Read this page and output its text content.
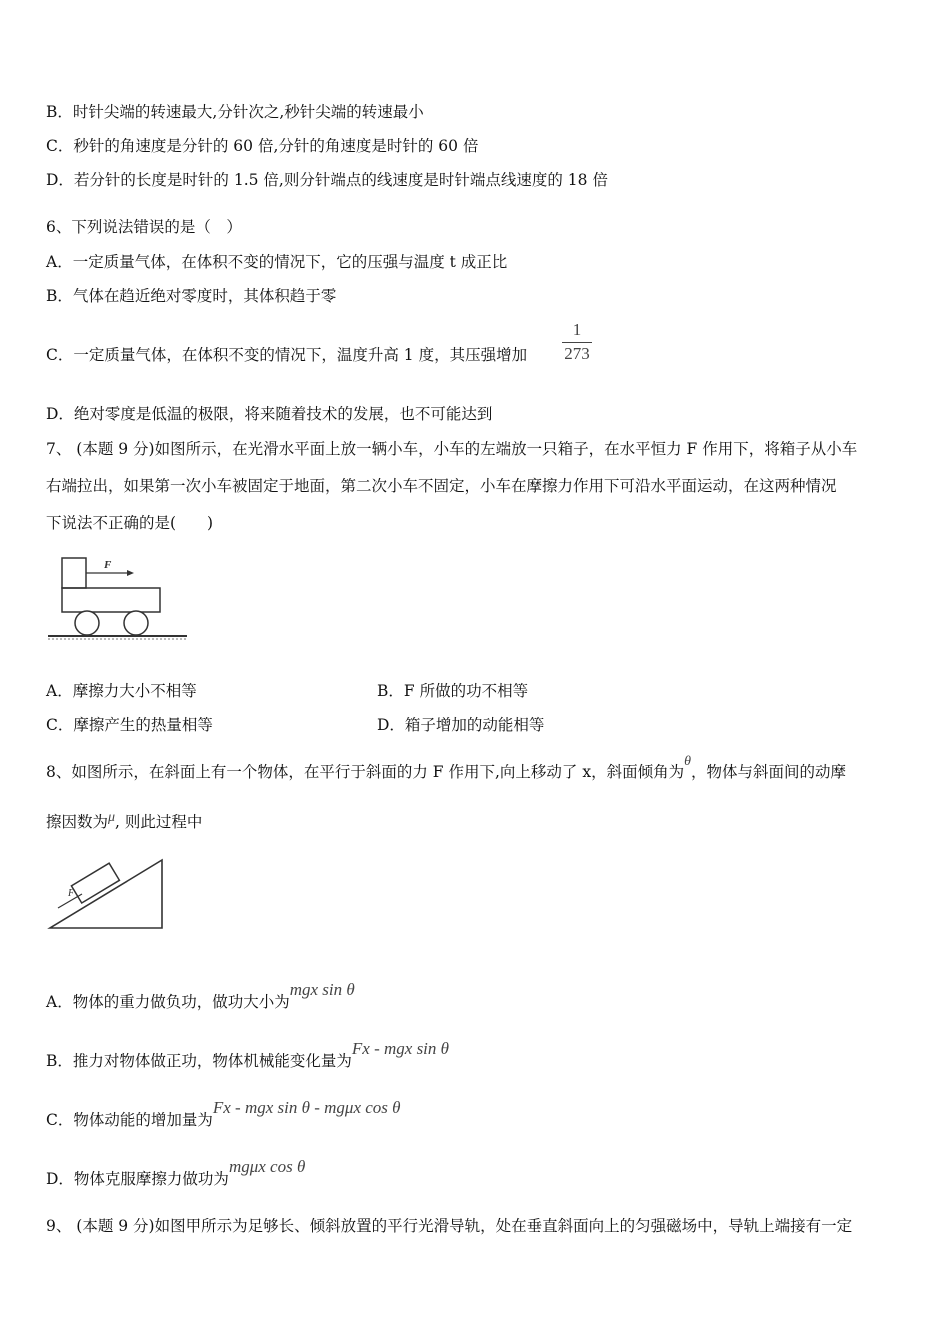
B．时针尖端的转速最大,分针次之,秒针尖端的转速最小
C．秒针的角速度是分针的 60 倍,分针的角速度是时针的 60 倍
D．若分针的长度是时针的 1.5 倍,则分针端点的线速度是时针端点线速度的 18 倍
6、下列说法错误的是（　）
A．一定质量气体，在体积不变的情况下，它的压强与温度 t 成正比
B．气体在趋近绝对零度时，其体积趋于零
C．一定质量气体，在体积不变的情况下，温度升高 1 度，其压强增加
1
273
D．绝对零度是低温的极限，将来随着技术的发展，也不可能达到
7、 (本题 9 分)如图所示，在光滑水平面上放一辆小车，小车的左端放一只箱子，在水平恒力 F 作用下，将箱子从小车
右端拉出，如果第一次小车被固定于地面，第二次小车不固定，小车在摩擦力作用下可沿水平面运动，在这两种情况
下说法不正确的是(　　)
F
A．摩擦力大小不相等	B．F 所做的功不相等
C．摩擦产生的热量相等	D．箱子增加的动能相等
8、如图所示，在斜面上有一个物体，在平行于斜面的力 F 作用下,向上移动了 x，斜面倾角为θ，物体与斜面间的动摩
擦因数为μ, 则此过程中
F
A．物体的重力做负功，做功大小为mgx sin θ
B．推力对物体做正功，物体机械能变化量为Fx - mgx sin θ
C．物体动能的增加量为Fx - mgx sin θ - mgμx cos θ
D．物体克服摩擦力做功为mgμx cos θ
9、 (本题 9 分)如图甲所示为足够长、倾斜放置的平行光滑导轨，处在垂直斜面向上的匀强磁场中，导轨上端接有一定
